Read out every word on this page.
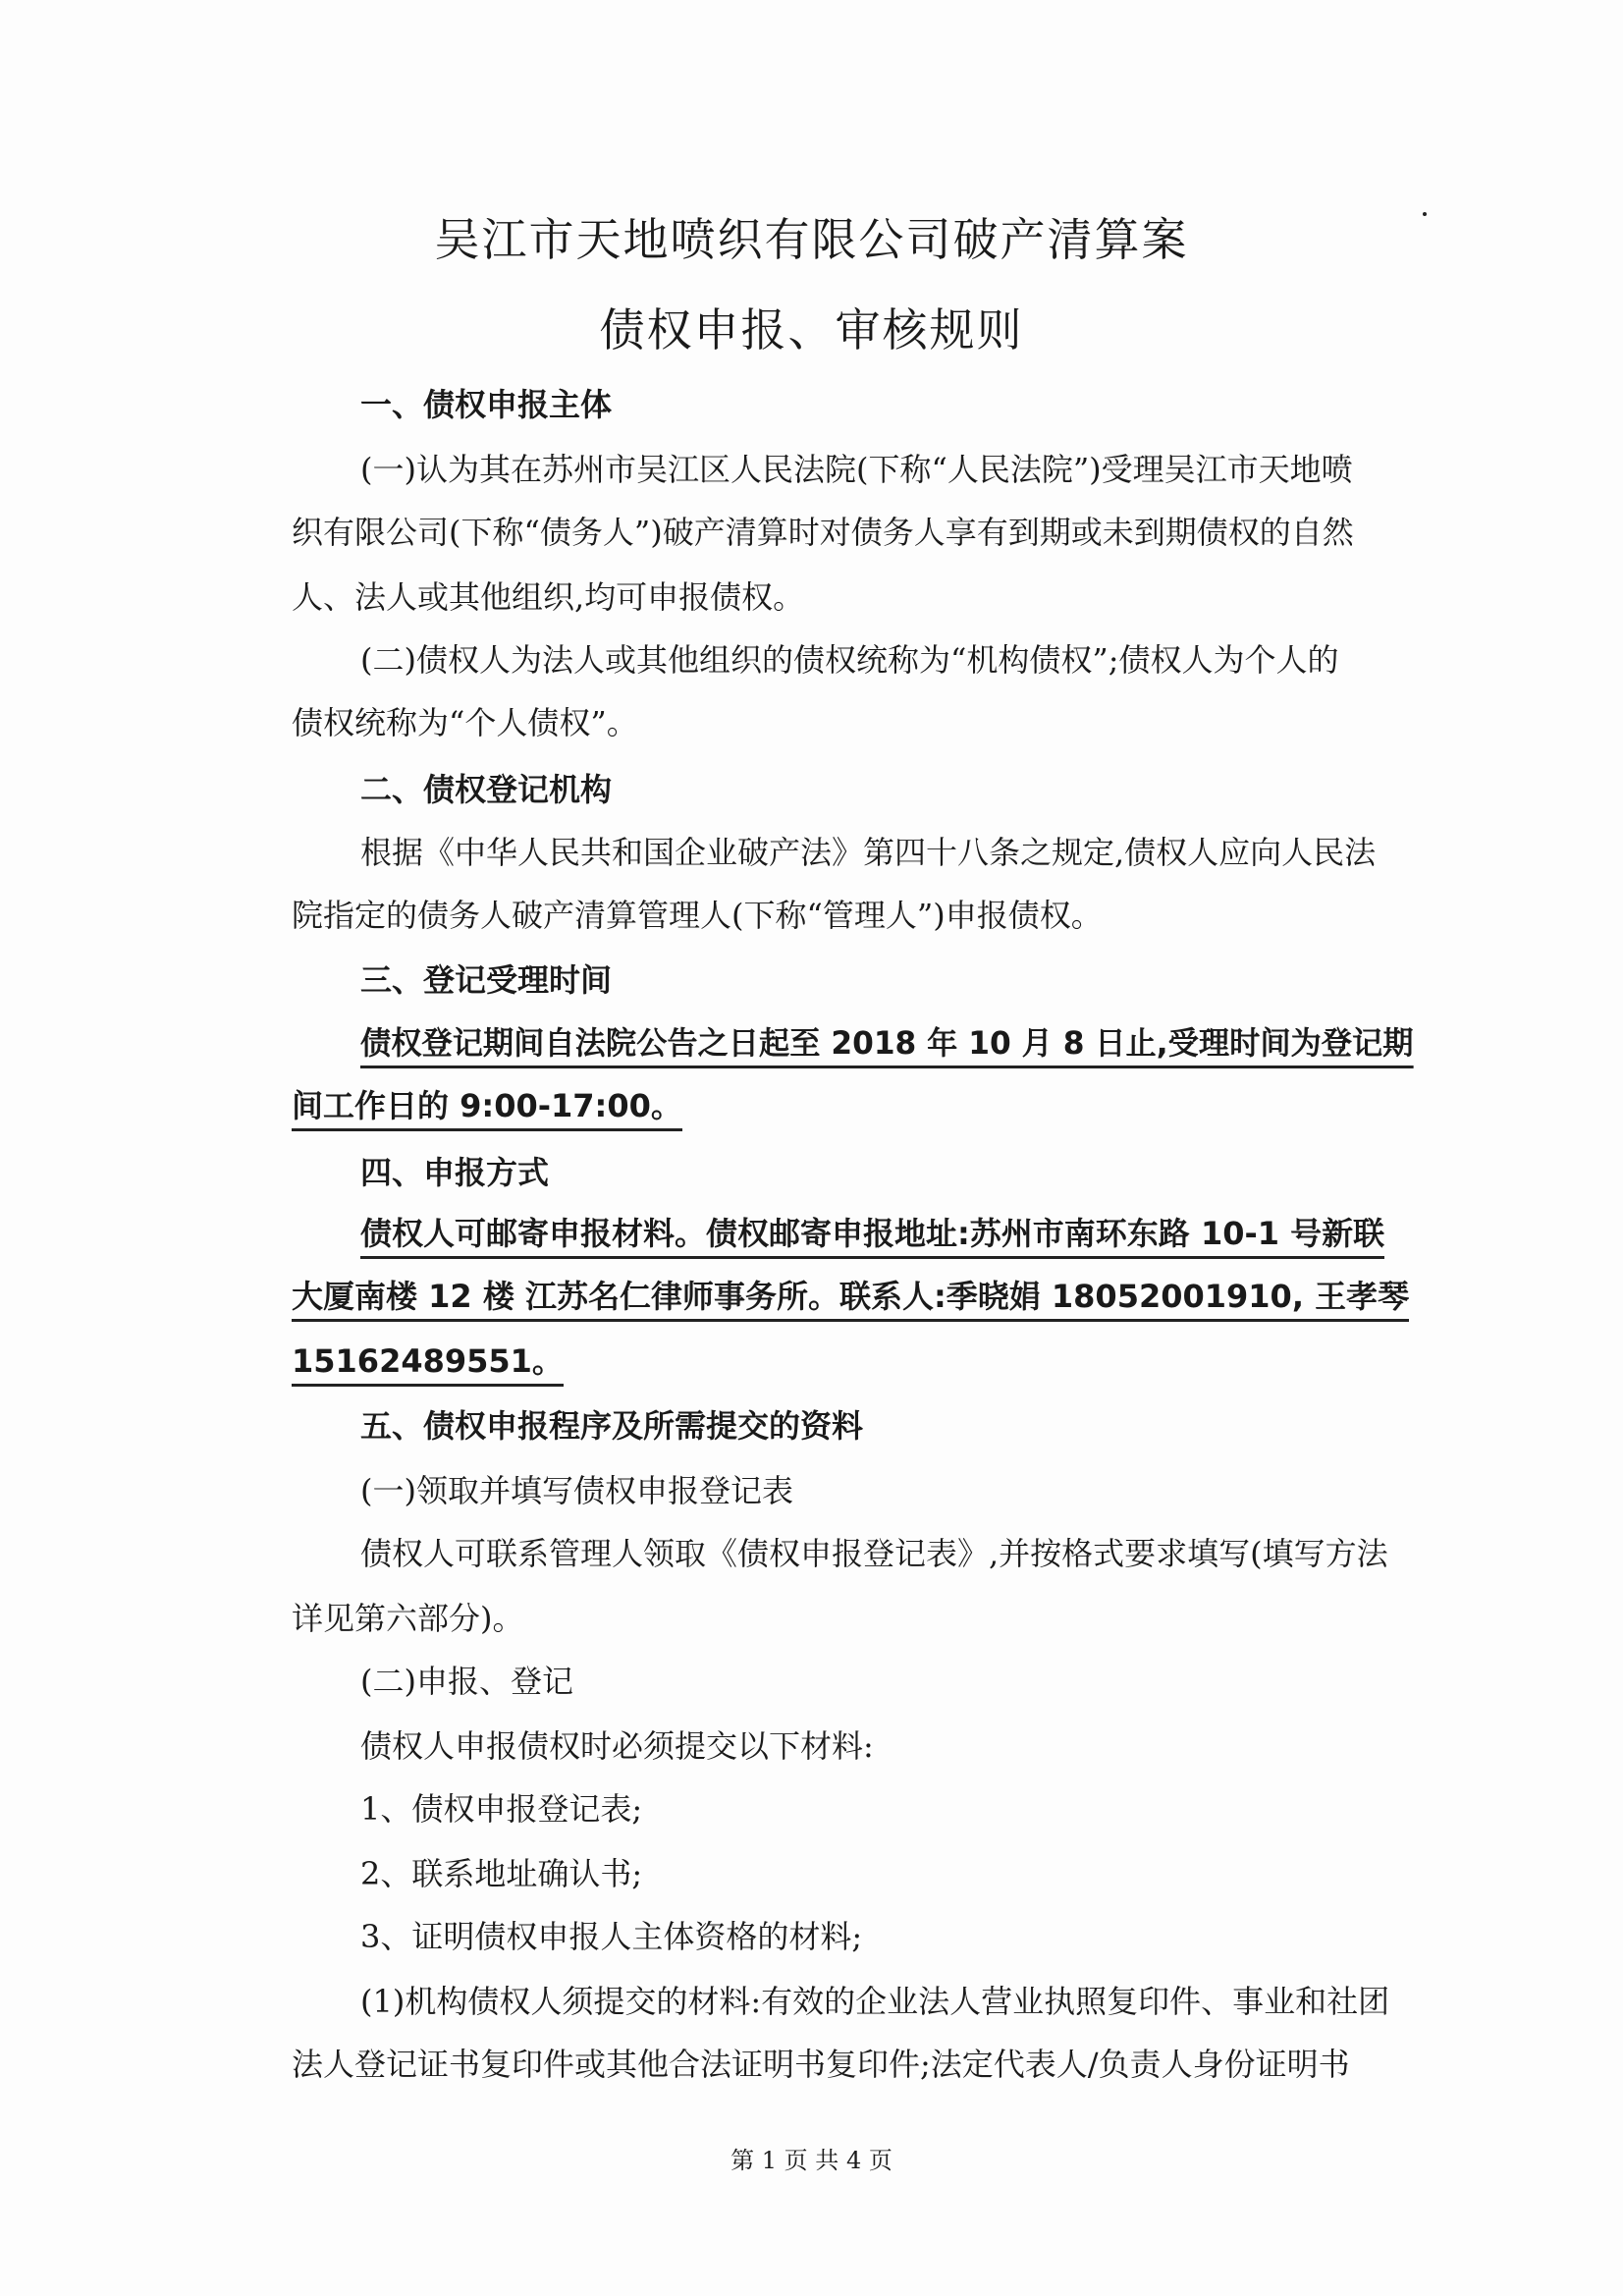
吴江市天地喷织有限公司破产清算案
债权申报、审核规则
一、债权申报主体
(一)认为其在苏州市吴江区人民法院(下称“人民法院”)受理吴江市天地喷
织有限公司(下称“债务人”)破产清算时对债务人享有到期或未到期债权的自然
人、法人或其他组织,均可申报债权。
(二)债权人为法人或其他组织的债权统称为“机构债权”;债权人为个人的
债权统称为“个人债权”。
二、债权登记机构
根据《中华人民共和国企业破产法》第四十八条之规定,债权人应向人民法
院指定的债务人破产清算管理人(下称“管理人”)申报债权。
三、登记受理时间
债权登记期间自法院公告之日起至 2018 年 10 月 8 日止,受理时间为登记期
间工作日的 9:00-17:00。
四、申报方式
债权人可邮寄申报材料。债权邮寄申报地址:苏州市南环东路 10-1 号新联
大厦南楼 12 楼 江苏名仁律师事务所。联系人:季晓娟 18052001910, 王孝琴
15162489551。
五、债权申报程序及所需提交的资料
(一)领取并填写债权申报登记表
债权人可联系管理人领取《债权申报登记表》,并按格式要求填写(填写方法
详见第六部分)。
(二)申报、登记
债权人申报债权时必须提交以下材料:
1、债权申报登记表;
2、联系地址确认书;
3、证明债权申报人主体资格的材料;
(1)机构债权人须提交的材料:有效的企业法人营业执照复印件、事业和社团
法人登记证书复印件或其他合法证明书复印件;法定代表人/负责人身份证明书
第 1 页 共 4 页
